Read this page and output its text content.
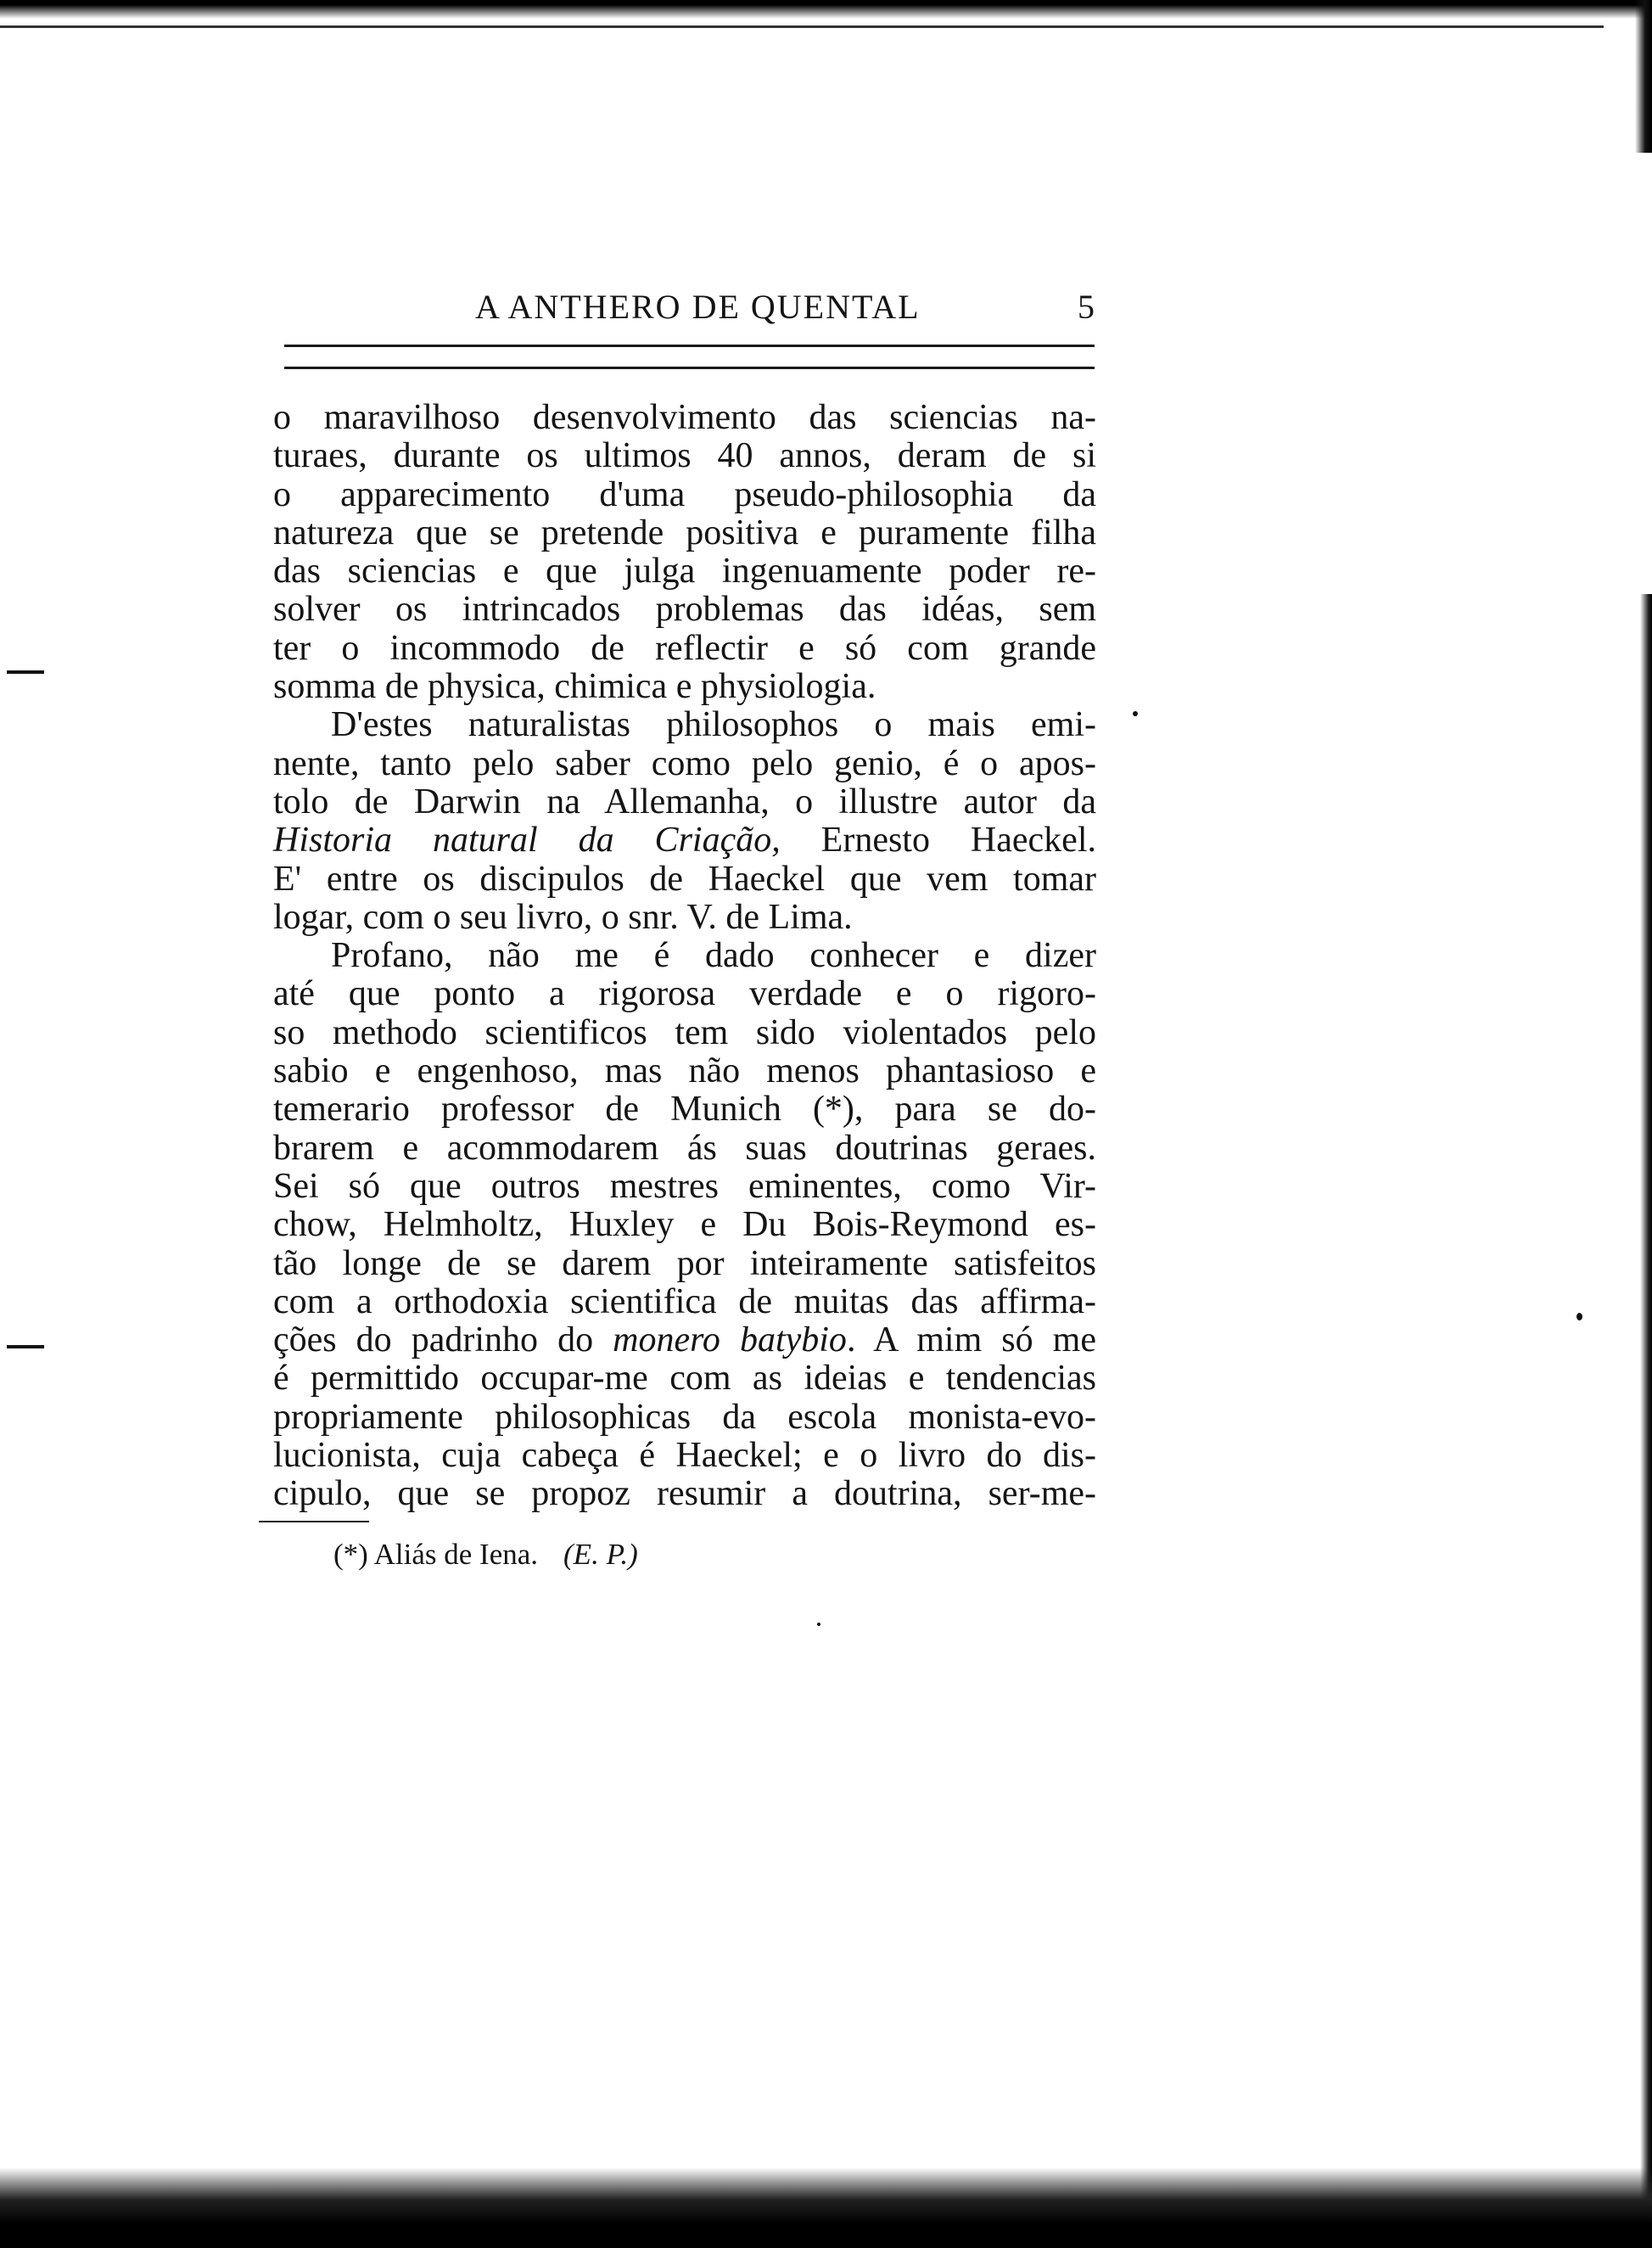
A ANTHERO DE QUENTAL	5

o maravilhoso desenvolvimento das sciencias na-
turaes, durante os ultimos 40 annos, deram de si
o apparecimento d'uma pseudo-philosophia da
natureza que se pretende positiva e puramente filha
das sciencias e que julga ingenuamente poder re-
solver os intrincados problemas das idéas, sem
ter o incommodo de reflectir e só com grande
somma de physica, chimica e physiologia.

D'estes naturalistas philosophos o mais emi-
nente, tanto pelo saber como pelo genio, é o apos-
tolo de Darwin na Allemanha, o illustre autor da
Historia natural da Criação, Ernesto Haeckel.
E' entre os discipulos de Haeckel que vem tomar
logar, com o seu livro, o snr. V. de Lima.

Profano, não me é dado conhecer e dizer
até que ponto a rigorosa verdade e o rigoro-
so methodo scientificos tem sido violentados pelo
sabio e engenhoso, mas não menos phantasioso e
temerario professor de Munich (*), para se do-
brarem e acommodarem ás suas doutrinas geraes.
Sei só que outros mestres eminentes, como Vir-
chow, Helmholtz, Huxley e Du Bois-Reymond es-
tão longe de se darem por inteiramente satisfeitos
com a orthodoxia scientifica de muitas das affirma-
ções do padrinho do monero batybio. A mim só me
é permittido occupar-me com as ideias e tendencias
propriamente philosophicas da escola monista-evo-
lucionista, cuja cabeça é Haeckel; e o livro do dis-
cipulo, que se propoz resumir a doutrina, ser-me-

(*) Aliás de Iena. (E. P.)
